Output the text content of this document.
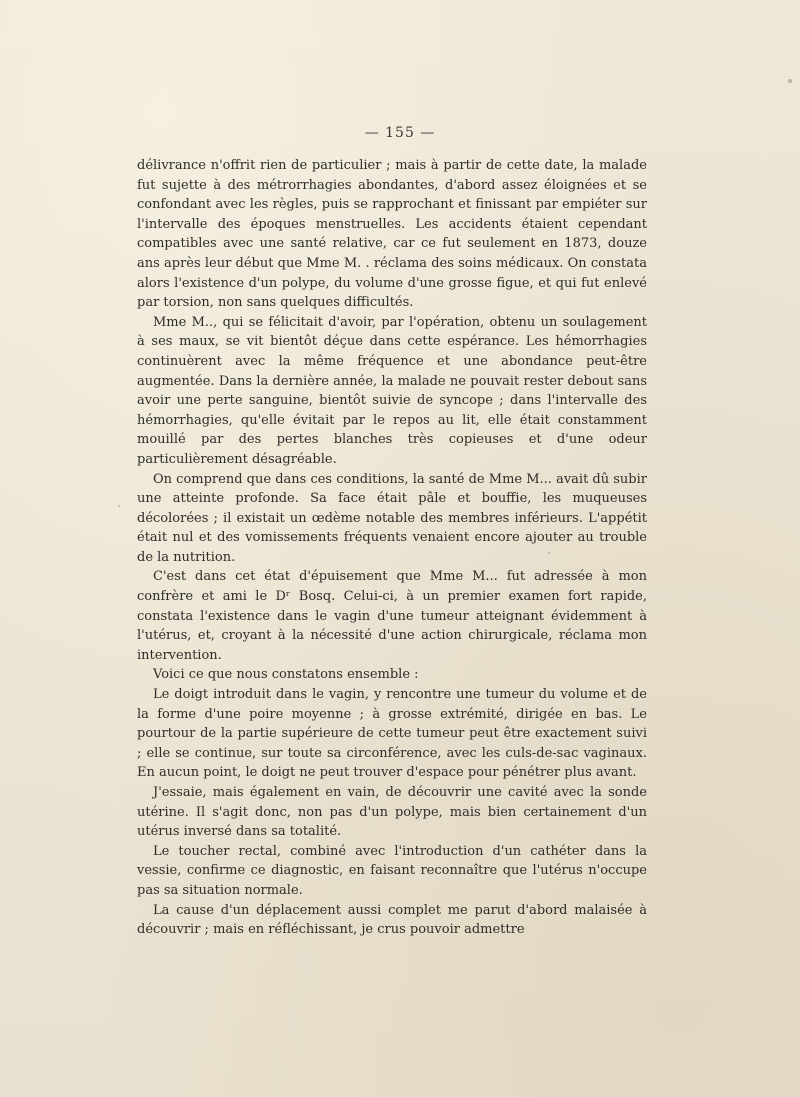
— 155 —

délivrance n'offrit rien de particulier ; mais à partir de cette date, la malade fut sujette à des métrorrhagies abondantes, d'abord assez éloignées et se confondant avec les règles, puis se rapprochant et finissant par empiéter sur l'intervalle des époques menstruelles. Les accidents étaient cependant compatibles avec une santé relative, car ce fut seulement en 1873, douze ans après leur début que Mme M. . réclama des soins médicaux. On constata alors l'existence d'un polype, du volume d'une grosse figue, et qui fut enlevé par torsion, non sans quelques difficultés.

Mme M.., qui se félicitait d'avoir, par l'opération, obtenu un soulagement à ses maux, se vit bientôt déçue dans cette espérance. Les hémorrhagies continuèrent avec la même fréquence et une abondance peut-être augmentée. Dans la dernière année, la malade ne pouvait rester debout sans avoir une perte sanguine, bientôt suivie de syncope ; dans l'intervalle des hémorrhagies, qu'elle évitait par le repos au lit, elle était constamment mouillé par des pertes blanches très copieuses et d'une odeur particulièrement désagréable.

On comprend que dans ces conditions, la santé de Mme M... avait dû subir une atteinte profonde. Sa face était pâle et bouffie, les muqueuses décolorées ; il existait un œdème notable des membres inférieurs. L'appétit était nul et des vomissements fréquents venaient encore ajouter au trouble de la nutrition.

C'est dans cet état d'épuisement que Mme M... fut adressée à mon confrère et ami le Dʳ Bosq. Celui-ci, à un premier examen fort rapide, constata l'existence dans le vagin d'une tumeur atteignant évidemment à l'utérus, et, croyant à la nécessité d'une action chirurgicale, réclama mon intervention.

Voici ce que nous constatons ensemble :

Le doigt introduit dans le vagin, y rencontre une tumeur du volume et de la forme d'une poire moyenne ; à grosse extrémité, dirigée en bas. Le pourtour de la partie supérieure de cette tumeur peut être exactement suivi ; elle se continue, sur toute sa circonférence, avec les culs-de-sac vaginaux. En aucun point, le doigt ne peut trouver d'espace pour pénétrer plus avant.

J'essaie, mais également en vain, de découvrir une cavité avec la sonde utérine. Il s'agit donc, non pas d'un polype, mais bien certainement d'un utérus inversé dans sa totalité.

Le toucher rectal, combiné avec l'introduction d'un cathéter dans la vessie, confirme ce diagnostic, en faisant reconnaître que l'utérus n'occupe pas sa situation normale.

La cause d'un déplacement aussi complet me parut d'abord malaisée à découvrir ; mais en réfléchissant, je crus pouvoir admettre
